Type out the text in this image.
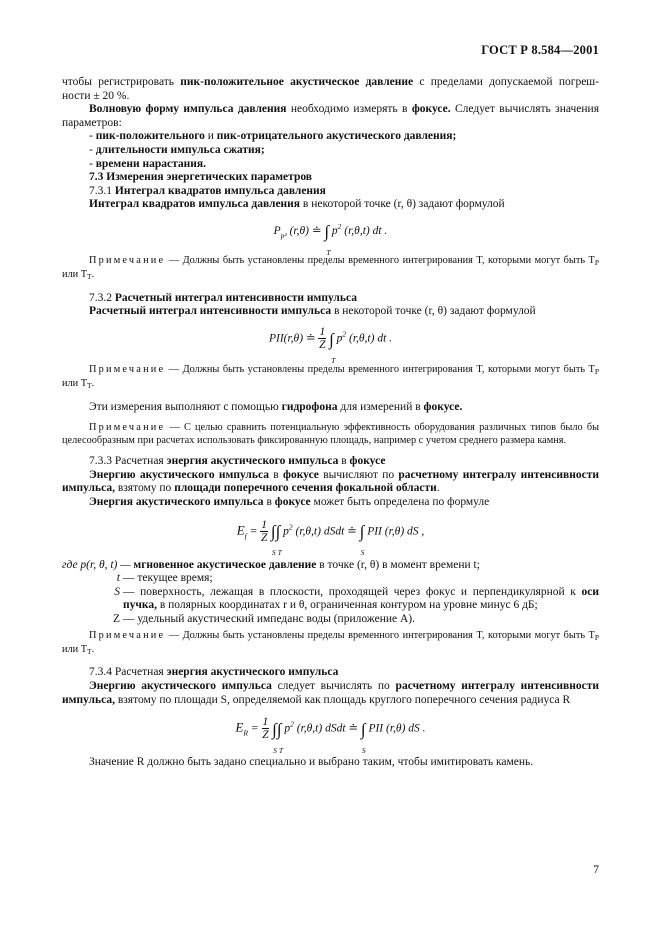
ГОСТ Р 8.584—2001

чтобы регистрировать пик-положительное акустическое давление с пределами допускаемой погреш-ности ± 20 %.

Волновую форму импульса давления необходимо измерять в фокусе. Следует вычислять значения параметров:

- пик-положительного и пик-отрицательного акустического давления;

- длительности импульса сжатия;

- времени нарастания.

7.3 Измерения энергетических параметров

7.3.1 Интеграл квадратов импульса давления

Интеграл квадратов импульса давления в некоторой точке (r, θ) задают формулой

$P_{p^2}$ (r,θ) ≐ ∫
T
$p^2$ (r,θ,t) dt .

Примечание — Должны быть установлены пределы временного интегрирования T, которыми могут быть $T_P$ или $T_T$.

7.3.2 Расчетный интеграл интенсивности импульса

Расчетный интеграл интенсивности импульса в некоторой точке (r, θ) задают формулой

PII(r,θ) ≐ $\frac{1}{Z}$ ∫
T
$p^2$ (r,θ,t) dt .

Примечание — Должны быть установлены пределы временного интегрирования T, которыми могут быть $T_P$ или $T_T$.

Эти измерения выполняют с помощью гидрофона для измерений в фокусе.

Примечание — С целью сравнить потенциальную эффективность оборудования различных типов было бы целесообразным при расчетах использовать фиксированную площадь, например с учетом среднего размера камня.

7.3.3 Расчетная энергия акустического импульса в фокусе

Энергию акустического импульса в фокусе вычисляют по расчетному интегралу интенсивности импульса, взятому по площади поперечного сечения фокальной области.

Энергия акустического импульса в фокусе может быть определена по формуле

$E_f = \frac{1}{Z}$ ∫
S
∫
T
$p^2$ (r,θ,t) dSdt ≐ ∫
S
PII (r,θ) dS ,

где p(r, θ, t) — мгновенное акустическое давление в точке (r, θ) в момент времени t;

t — текущее время;
S — поверхность, лежащая в плоскости, проходящей через фокус и перпендикулярной к оси пучка, в полярных координатах r и θ, ограниченная контуром на уровне минус 6 дБ;
Z — удельный акустический импеданс воды (приложение А).

Примечание — Должны быть установлены пределы временного интегрирования T, которыми могут быть $T_P$ или $T_T$.

7.3.4 Расчетная энергия акустического импульса

Энергию акустического импульса следует вычислять по расчетному интегралу интенсивности импульса, взятому по площади S, определяемой как площадь круглого поперечного сечения радиуса R

$E_R = \frac{1}{Z}$ ∫
S
∫
T
$p^2$ (r,θ,t) dSdt ≐ ∫
S
PII (r,θ) dS .

Значение R должно быть задано специально и выбрано таким, чтобы имитировать камень.

7
